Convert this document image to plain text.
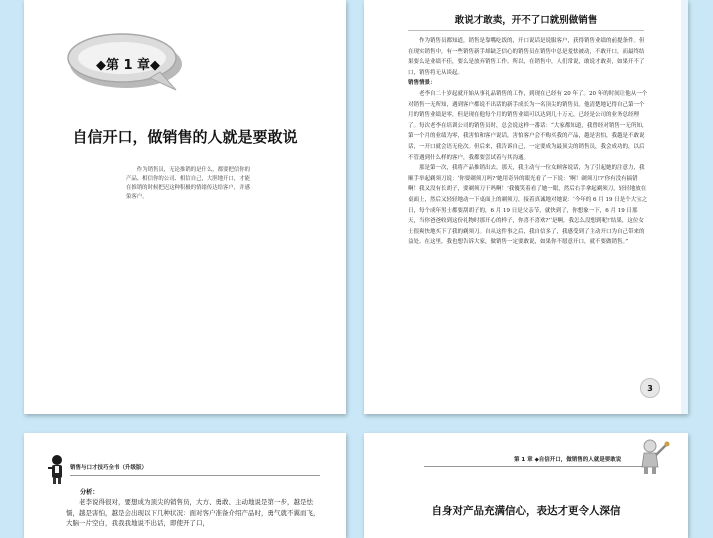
◆第 1 章◆
自信开口，做销售的人就是要敢说
作为销售员，无论推销的是什么，都要把信你的产品、相信你的公司、相信自己，大胆地开口，才能在推销的时候把迟这种积极的情绪传达给客户，并感染客户。
敢说才敢卖，开不了口就别做销售

作为销售员都知道，销售是靠嘴吃饭的，开口说话是说服客户，获得销售业绩的前提条件。但在现实销售中，有一些销售新手却缺乏信心的销售员在销售中总是羞怯被动，不敢开口，而最终结果要么是业绩不佳，要么是放弃销售工作。所以，在销售中，人们常说，敢说才敢卖，如果开不了口，销售将无从谈起。

销售情景：

老李自二十岁起就开始从事礼品销售的工作，到现在已经有 20 年了。20 年的时间让他从一个对销售一无所知，遇到客户都说不出话的新手成长为一名顶尖的销售员。他清楚地记得自己第一个月的销售业绩是零，但是现在他每个月的销售业绩可以达到几十万元，已经是公司的业务总经理了。每次老李在培训公司的销售员时，总会说这样一番话：“大家都知道，我曾经对销售一无所知，第一个月的业绩为零，我害怕和客户说话，害怕客户会不购买我的产品，越是害怕，我越是不敢说话，一开口就会语无伦次。但后来，我告诉自己，一定要成为最顶尖的销售员，我会成功的，以后不管遇到什么样的客户，我都要尝试着与其沟通。

那是第一次，我将产品推销出去。那天，我主动与一位女顾客说话，为了引起她的注意力，我顺手举起剃须刀说：‘你要剃须刀吗?’她用奇异的眼光看了一下说：‘啊！剃须刀!?’你有没有搞错啊！我又没有长胡子，要剃须刀干吗啊！’我傻笑着看了她一眼，然后右手拿起剃须刀，轻轻地放在桌面上，然后又轻轻地动一下桌面上的剃须刀，接着真诚地对她说：‘今年的 6 月 19 日是个大宝之日，每个成年男士都要刮胡子的，6 月 19 日是父亲节，就快到了，你想象一下，6 月 19 日那天，当你爸爸收到这份礼物时那开心的样子，你喜不喜欢?’‘是啊，我怎么没想到呢!’结果，这位女士很爽快地买下了我的剃须刀。自从这件事之后，我自信多了，我感受到了主动开口为自己带来的益处。在这里，我也想告诉大家，做销售一定要敢说，如果你不愿意开口，就不要做销售。”

3
销售与口才技巧全书（升级版）
分析：
老李说得很对，要想成为顶尖的销售员，大方、勇敢、主动地说是第一步，越是怯懦，越是害怕，越是会出现以下几种状况：面对客户准备介绍产品时，勇气就不翼而飞，大脑一片空白，我我我地说不出话，即使开了口，
第 1 章 ◆自信开口，做销售的人就是要敢说
自身对产品充满信心，表达才更令人深信
